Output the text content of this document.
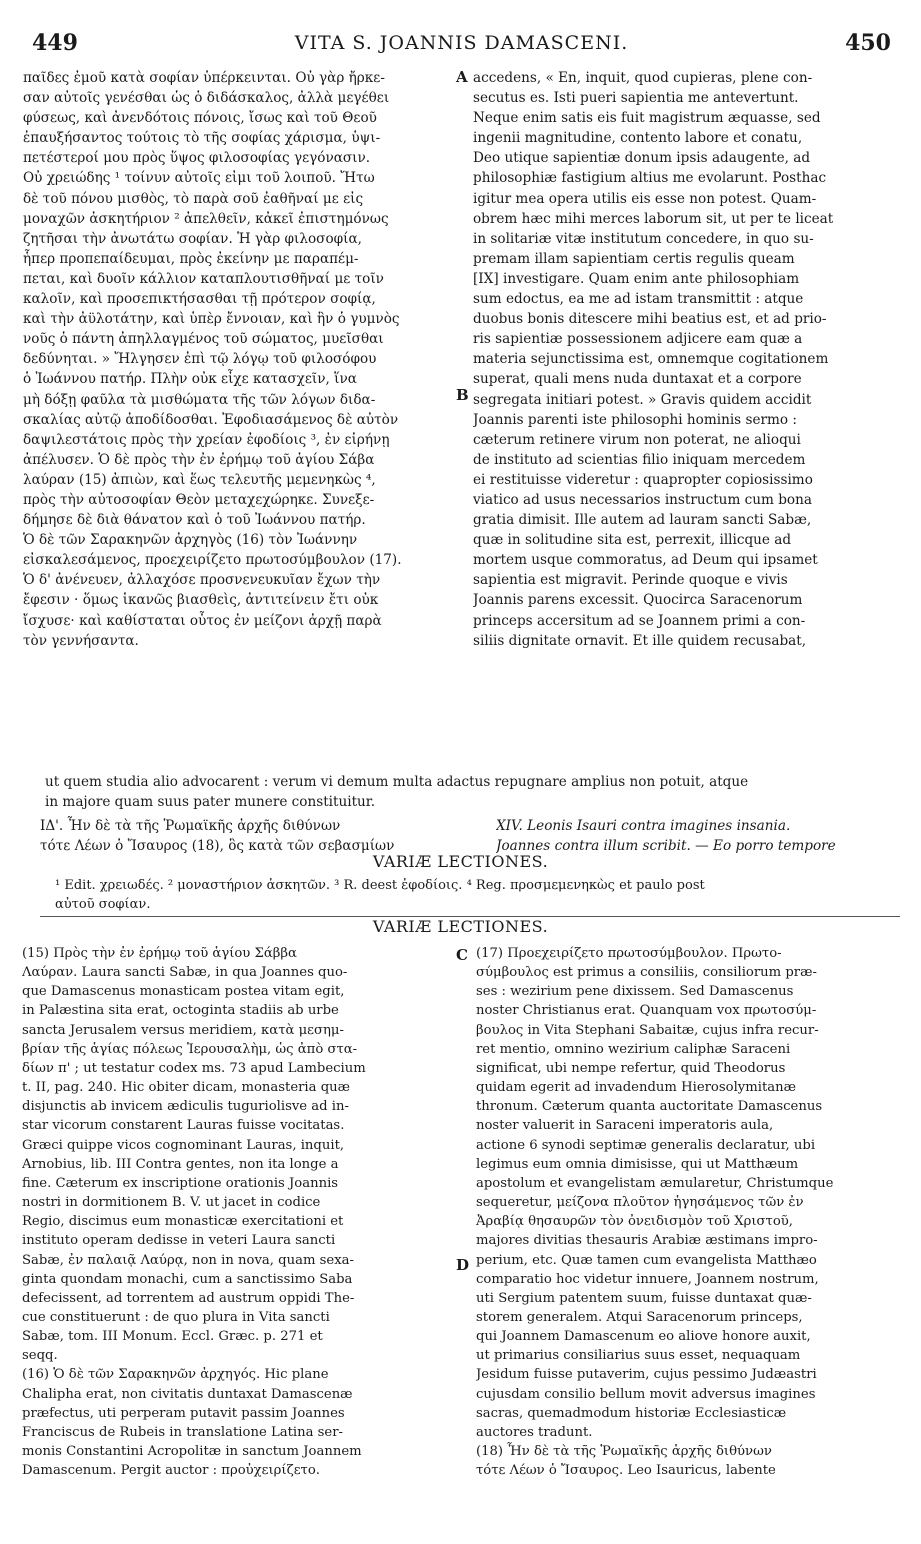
449	VITA S. JOANNIS DAMASCENI.	450
παῖδες ἐμοῦ κατὰ σοφίαν ὑπέρκεινται. Οὐ γὰρ ἤρκε-
σαν αὐτοῖς γενέσθαι ὡς ὁ διδάσκαλος, ἀλλὰ μεγέθει
φύσεως, καὶ ἀνενδότοις πόνοις, ἴσως καὶ τοῦ Θεοῦ
ἐπαυξήσαντος τούτοις τὸ τῆς σοφίας χάρισμα, ὑψι-
πετέστεροί μου πρὸς ὕψος φιλοσοφίας γεγόνασιν.
Οὐ χρειώδης ¹ τοίνυν αὐτοῖς εἰμι τοῦ λοιποῦ. Ἤτω
δὲ τοῦ πόνου μισθὸς, τὸ παρὰ σοῦ ἐαθῆναί με εἰς
μοναχῶν ἀσκητήριον ² ἀπελθεῖν, κἀκεῖ ἐπιστημόνως
ζητῆσαι τὴν ἀνωτάτω σοφίαν. Ἡ γὰρ φιλοσοφία,
ἧπερ προπεπαίδευμαι, πρὸς ἐκείνην με παραπέμ-
πεται, καὶ δυοῖν κάλλιον καταπλουτισθῆναί με τοῖν
καλοῖν, καὶ προσεπικτήσασθαι τῇ πρότερον σοφίᾳ,
καὶ τὴν ἀϋλοτάτην, καὶ ὑπὲρ ἔννοιαν, καὶ ἣν ὁ γυμνὸς
νοῦς ὁ πάντη ἀπηλλαγμένος τοῦ σώματος, μυεῖσθαι
δεδύνηται. » Ἤλγησεν ἐπὶ τῷ λόγῳ τοῦ φιλοσόφου
ὁ Ἰωάννου πατήρ. Πλὴν οὐκ εἶχε κατασχεῖν, ἵνα
μὴ δόξῃ φαῦλα τὰ μισθώματα τῆς τῶν λόγων διδα-
σκαλίας αὐτῷ ἀποδίδοσθαι. Ἐφοδιασάμενος δὲ αὐτὸν
δαψιλεστάτοις πρὸς τὴν χρείαν ἐφοδίοις ³, ἐν εἰρήνῃ
ἀπέλυσεν. Ὁ δὲ πρὸς τὴν ἐν ἐρήμῳ τοῦ ἁγίου Σάβα
λαύραν (15) ἀπιὼν, καὶ ἕως τελευτῆς μεμενηκὼς ⁴,
πρὸς τὴν αὐτοσοφίαν Θεὸν μεταχεχώρηκε. Συνεξε-
δήμησε δὲ διὰ θάνατον καὶ ὁ τοῦ Ἰωάννου πατήρ.
Ὁ δὲ τῶν Σαρακηνῶν ἀρχηγὸς (16) τὸν Ἰωάννην
εἰσκαλεσάμενος, προεχειρίζετο πρωτοσύμβουλον (17).
Ὁ δ' ἀνένευεν, ἀλλαχόσε προσνενευκυῖαν ἔχων τὴν
ἔφεσιν · ὅμως ἱκανῶς βιασθεὶς, ἀντιτείνειν ἔτι οὐκ
ἴσχυσε· καὶ καθίσταται οὗτος ἐν μείζονι ἀρχῇ παρὰ
τὸν γεννήσαντα.
accedens, « En, inquit, quod cupieras, plene con-
secutus es. Isti pueri sapientia me antevertunt.
Neque enim satis eis fuit magistrum æquasse, sed
ingenii magnitudine, contento labore et conatu,
Deo utique sapientiæ donum ipsis adaugente, ad
philosophiæ fastigium altius me evolarunt. Posthac
igitur mea opera utilis eis esse non potest. Quam-
obrem hæc mihi merces laborum sit, ut per te liceat
in solitariæ vitæ institutum concedere, in quo su-
premam illam sapientiam certis regulis queam
[IX] investigare. Quam enim ante philosophiam
sum edoctus, ea me ad istam transmittit : atque
duobus bonis ditescere mihi beatius est, et ad prio-
ris sapientiæ possessionem adjicere eam quæ a
materia sejunctissima est, omnemque cogitationem
superat, quali mens nuda duntaxat et a corpore
segregata initiari potest. » Gravis quidem accidit
Joannis parenti iste philosophi hominis sermo :
cæterum retinere virum non poterat, ne alioqui
de instituto ad scientias filio iniquam mercedem
ei restituisse videretur : quapropter copiosissimo
viatico ad usus necessarios instructum cum bona
gratia dimisit. Ille autem ad lauram sancti Sabæ,
quæ in solitudine sita est, perrexit, illicque ad
mortem usque commoratus, ad Deum qui ipsamet
sapientia est migravit. Perinde quoque e vivis
Joannis parens excessit. Quocirca Saracenorum
princeps accersitum ad se Joannem primi a con-
siliis dignitate ornavit. Et ille quidem recusabat,
A
B
C
D
ut quem studia alio advocarent : verum vi demum multa adactus repugnare amplius non potuit, atque
in majore quam suus pater munere constituitur.
ΙΔ'. Ἦν δὲ τὰ τῆς Ῥωμαϊκῆς ἀρχῆς διθύνων
τότε Λέων ὁ Ἴσαυρος (18), ὃς κατὰ τῶν σεβασμίων
XIV. Leonis Isauri contra imagines insania.
Joannes contra illum scribit. — Eo porro tempore
VARIÆ LECTIONES.
¹ Edit. χρειωδές. ² μοναστήριον ἀσκητῶν. ³ R. deest ἐφοδίοις. ⁴ Reg. προσμεμενηκὼς et paulo post
αὐτοῦ σοφίαν.
VARIÆ LECTIONES.
(15) Πρὸς τὴν ἐν ἐρήμῳ τοῦ ἁγίου Σάββα
Λαύραν. Laura sancti Sabæ, in qua Joannes quo-
que Damascenus monasticam postea vitam egit,
in Palæstina sita erat, octoginta stadiis ab urbe
sancta Jerusalem versus meridiem, κατὰ μεσημ-
βρίαν τῆς ἁγίας πόλεως Ἱερουσαλὴμ, ὡς ἀπὸ στα-
δίων π' ; ut testatur codex ms. 73 apud Lambecium
t. II, pag. 240. Hic obiter dicam, monasteria quæ
disjunctis ab invicem ædiculis tuguriolisve ad in-
star vicorum constarent Lauras fuisse vocitatas.
Græci quippe vicos cognominant Lauras, inquit,
Arnobius, lib. III Contra gentes, non ita longe a
fine. Cæterum ex inscriptione orationis Joannis
nostri in dormitionem B. V. ut jacet in codice
Regio, discimus eum monasticæ exercitationi et
instituto operam dedisse in veteri Laura sancti
Sabæ, ἐν παλαιᾷ Λαύρᾳ, non in nova, quam sexa-
ginta quondam monachi, cum a sanctissimo Saba
defecissent, ad torrentem ad austrum oppidi The-
cue constituerunt : de quo plura in Vita sancti
Sabæ, tom. III Monum. Eccl. Græc. p. 271 et
seqq.
(16) Ὁ δὲ τῶν Σαρακηνῶν ἀρχηγός. Hic plane
Chalipha erat, non civitatis duntaxat Damascenæ
præfectus, uti perperam putavit passim Joannes
Franciscus de Rubeis in translatione Latina ser-
monis Constantini Acropolitæ in sanctum Joannem
Damascenum. Pergit auctor : προὐχειρίζετο.
(17) Προεχειρίζετο πρωτοσύμβουλον. Πρωτο-
σύμβουλος est primus a consiliis, consiliorum præ-
ses : wezirium pene dixissem. Sed Damascenus
noster Christianus erat. Quanquam vox πρωτοσύμ-
βουλος in Vita Stephani Sabaitæ, cujus infra recur-
ret mentio, omnino wezirium caliphæ Saraceni
significat, ubi nempe refertur, quid Theodorus
quidam egerit ad invadendum Hierosolymitanæ
thronum. Cæterum quanta auctoritate Damascenus
noster valuerit in Saraceni imperatoris aula,
actione 6 synodi septimæ generalis declaratur, ubi
legimus eum omnia dimisisse, qui ut Matthæum
apostolum et evangelistam æmularetur, Christumque
sequeretur, μείζονα πλοῦτον ἡγησάμενος τῶν ἐν
Ἀραβίᾳ θησαυρῶν τὸν ὀνειδισμὸν τοῦ Χριστοῦ,
majores divitias thesauris Arabiæ æstimans impro-
perium, etc. Quæ tamen cum evangelista Matthæo
comparatio hoc videtur innuere, Joannem nostrum,
uti Sergium patentem suum, fuisse duntaxat quæ-
storem generalem. Atqui Saracenorum princeps,
qui Joannem Damascenum eo aliove honore auxit,
ut primarius consiliarius suus esset, nequaquam
Jesidum fuisse putaverim, cujus pessimo Judæastri
cujusdam consilio bellum movit adversus imagines
sacras, quemadmodum historiæ Ecclesiasticæ
auctores tradunt.
(18) Ἦν δὲ τὰ τῆς Ῥωμαϊκῆς ἀρχῆς διθύνων
τότε Λέων ὁ Ἴσαυρος. Leo Isauricus, labente
